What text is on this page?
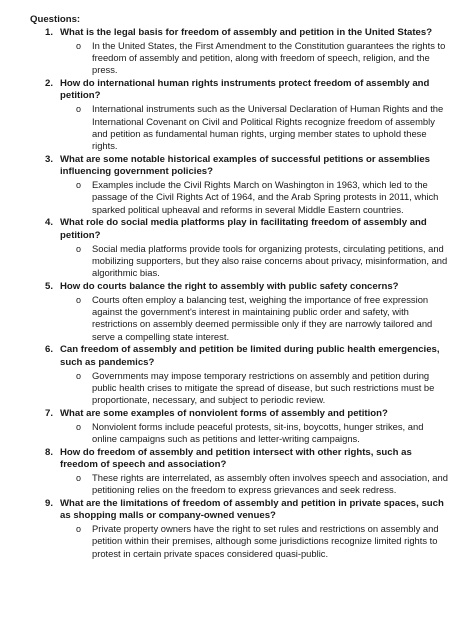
Questions:
1. What is the legal basis for freedom of assembly and petition in the United States?
o In the United States, the First Amendment to the Constitution guarantees the rights to freedom of assembly and petition, along with freedom of speech, religion, and the press.
2. How do international human rights instruments protect freedom of assembly and petition?
o International instruments such as the Universal Declaration of Human Rights and the International Covenant on Civil and Political Rights recognize freedom of assembly and petition as fundamental human rights, urging member states to uphold these rights.
3. What are some notable historical examples of successful petitions or assemblies influencing government policies?
o Examples include the Civil Rights March on Washington in 1963, which led to the passage of the Civil Rights Act of 1964, and the Arab Spring protests in 2011, which sparked political upheaval and reforms in several Middle Eastern countries.
4. What role do social media platforms play in facilitating freedom of assembly and petition?
o Social media platforms provide tools for organizing protests, circulating petitions, and mobilizing supporters, but they also raise concerns about privacy, misinformation, and algorithmic bias.
5. How do courts balance the right to assembly with public safety concerns?
o Courts often employ a balancing test, weighing the importance of free expression against the government's interest in maintaining public order and safety, with restrictions on assembly deemed permissible only if they are narrowly tailored and serve a compelling state interest.
6. Can freedom of assembly and petition be limited during public health emergencies, such as pandemics?
o Governments may impose temporary restrictions on assembly and petition during public health crises to mitigate the spread of disease, but such restrictions must be proportionate, necessary, and subject to periodic review.
7. What are some examples of nonviolent forms of assembly and petition?
o Nonviolent forms include peaceful protests, sit-ins, boycotts, hunger strikes, and online campaigns such as petitions and letter-writing campaigns.
8. How do freedom of assembly and petition intersect with other rights, such as freedom of speech and association?
o These rights are interrelated, as assembly often involves speech and association, and petitioning relies on the freedom to express grievances and seek redress.
9. What are the limitations of freedom of assembly and petition in private spaces, such as shopping malls or company-owned venues?
o Private property owners have the right to set rules and restrictions on assembly and petition within their premises, although some jurisdictions recognize limited rights to protest in certain private spaces considered quasi-public.
